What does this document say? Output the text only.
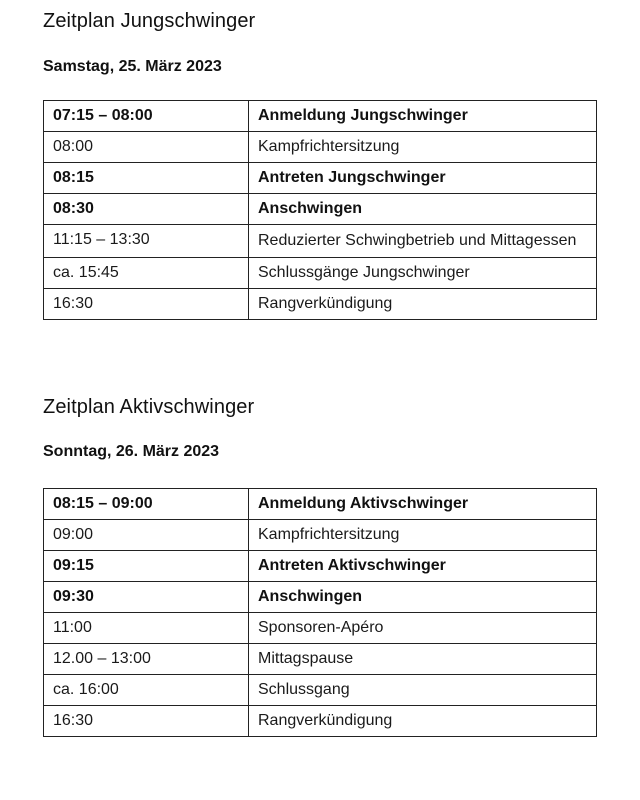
Zeitplan Jungschwinger
Samstag, 25. März 2023
07:15 – 08:00	Anmeldung Jungschwinger
08:00	Kampfrichtersitzung
08:15	Antreten Jungschwinger
08:30	Anschwingen
11:15 – 13:30	Reduzierter Schwingbetrieb und Mittagessen
ca. 15:45	Schlussgänge Jungschwinger
16:30	Rangverkündigung
Zeitplan Aktivschwinger
Sonntag, 26. März 2023
08:15 – 09:00	Anmeldung Aktivschwinger
09:00	Kampfrichtersitzung
09:15	Antreten Aktivschwinger
09:30	Anschwingen
11:00	Sponsoren-Apéro
12.00 – 13:00	Mittagspause
ca. 16:00	Schlussgang
16:30	Rangverkündigung
